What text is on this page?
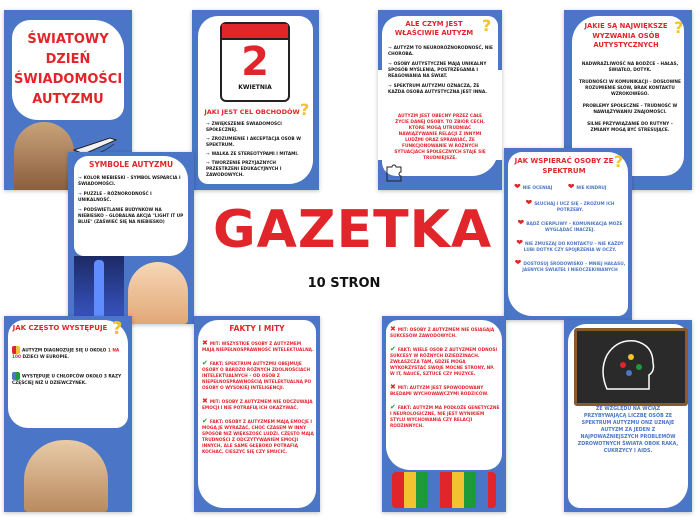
ŚWIATOWY DZIEŃ ŚWIADOMOŚCI AUTYZMU
2
KWIETNIA
JAKI JEST CEL OBCHODÓW ?
→ ZWIĘKSZENIE ŚWIADOMOŚCI SPOŁECZNEJ.
→ ZROZUMIENIE I AKCEPTACJA OSÓB W SPEKTRUM.
→ WALKA ZE STEREOTYPAMI I MITAMI.
→ TWORZENIE PRZYJAZNYCH PRZESTRZENI EDUKACYJNYCH I ZAWODOWYCH.
ALE CZYM JEST WŁAŚCIWIE AUTYZM ?
→ AUTYZM TO NEURORÓŻNORODNOŚĆ, NIE CHOROBA.
→ OSOBY AUTYSTYCZNE MAJĄ UNIKALNY SPOSÓB MYŚLENIA, POSTRZEGANIA I REAGOWANIA NA ŚWIAT.
→ SPEKTRUM AUTYZMU OZNACZA, ŻE KAŻDA OSOBA AUTYSTYCZNA JEST INNA.
AUTYZM JEST OBECNY PRZEZ CAŁE ŻYCIE DANEJ OSOBY. TO ZBIÓR CECH, KTÓRE MOGĄ UTRUDNIAĆ NAWIĄZYWANIE RELACJI Z INNYMI LUDŹMI ORAZ SPRAWIAĆ, ŻE FUNKCJONOWANIE W RÓŻNYCH SYTUACJACH SPOŁECZNYCH STAJE SIĘ TRUDNIEJSZE.
JAKIE SĄ NAJWIĘKSZE WYZWANIA OSÓB AUTYSTYCZNYCH
?
NADWRAŻLIWOŚĆ NA BODŹCE – HAŁAS, ŚWIATŁO, DOTYK.
TRUDNOŚCI W KOMUNIKACJI – DOSŁOWNE ROZUMIENIE SŁÓW, BRAK KONTAKTU WZROKOWEGO.
PROBLEMY SPOŁECZNE – TRUDNOŚĆ W NAWIĄZYWANIU ZNAJOMOŚCI.
SILNE PRZYWIĄZANIE DO RUTYNY – ZMIANY MOGĄ BYĆ STRESUJĄCE.
SYMBOLE AUTYZMU
→ KOLOR NIEBIESKI – SYMBOL WSPARCIA I ŚWIADOMOŚCI.
→ PUZZLE – RÓŻNORODNOŚĆ I UNIKALNOŚĆ.
→ PODŚWIETLANIE BUDYNKÓW NA NIEBIESKO – GLOBALNA AKCJA "LIGHT IT UP BLUE" (ZAŚWIEĆ SIĘ NA NIEBIESKO)
JAK WSPIERAĆ OSOBY ZE SPEKTRUM	?
❤ NIE OCENIAJ ❤ NIE KINDRUJ
❤ SŁUCHAJ I UCZ SIĘ – ZROZUM ICH POTRZEBY.
❤ BĄDŹ CIERPLIWY – KOMUNIKACJA MOŻE WYGLĄDAĆ INACZEJ.
❤ NIE ZMUSZAJ DO KONTAKTU – NIE KAŻDY LUBI DOTYK CZY SPOJRZENIA W OCZY.
❤ DOSTOSUJ ŚRODOWISKO – MNIEJ HAŁASU, JASNYCH ŚWIATEŁ I NIEOCZEKIWANYCH
GAZETKA
10 STRON
JAK CZĘSTO WYSTĘPUJE ?
AUTYZM DIAGNOZUJE SIĘ U OKOŁO 1 NA 100 DZIECI W EUROPIE.
WYSTĘPUJE U CHŁOPCÓW OKOŁO 3 RAZY CZĘŚCIEJ NIŻ U DZIEWCZYNEK.
FAKTY I MITY
✖ MIT: WSZYSTKIE OSOBY Z AUTYZMEM MAJĄ NIEPEŁNOSPRAWNOŚĆ INTELEKTUALNĄ.
✔ FAKT: SPEKTRUM AUTYZMU OBEJMUJE OSOBY O BARDZO RÓŻNYCH ZDOLNOŚCIACH INTELEKTUALNYCH – OD OSÓB Z NIEPEŁNOSPRAWNOŚCIĄ INTELEKTUALNĄ PO OSOBY O WYSOKIEJ INTELIGENCJI.
✖ MIT: OSOBY Z AUTYZMEM NIE ODCZUWAJĄ EMOCJI I NIE POTRAFIĄ ICH OKAZYWAĆ.
✔ FAKT: OSOBY Z AUTYZMEM MAJĄ EMOCJE I MOGĄ JE WYRAŻAĆ, CHOĆ CZASEM W INNY SPOSÓB NIŻ WIĘKSZOŚĆ LUDZI. CZĘSTO MAJĄ TRUDNOŚCI Z ODCZYTYWANIEM EMOCJI INNYCH, ALE SAME GŁĘBOKO POTRAFIĄ KOCHAĆ, CIESZYĆ SIĘ CZY SMUCIĆ.
✖ MIT: OSOBY Z AUTYZMEM NIE OSIĄGAJĄ SUKCESÓW ZAWODOWYCH.
✔ FAKT: WIELE OSÓB Z AUTYZMEM ODNOSI SUKCESY W RÓŻNYCH DZIEDZINACH. ZWŁASZCZA TAM, GDZIE MOGĄ WYKORZYSTAĆ SWOJE MOCNE STRONY, NP. W IT, NAUCE, SZTUCE CZY MUZYCE.
✖ MIT: AUTYZM JEST SPOWODOWANY BŁĘDAMI WYCHOWAWCZYMI RODZICÓW.
✔ FAKT: AUTYZM MA PODŁOŻE GENETYCZNE I NEUROLOGICZNE, NIE JEST WYNIKIEM STYLU WYCHOWANIA CZY RELACJI RODZINNYCH.
ZE WZGLĘDU NA WCIĄŻ PRZYBYWAJĄCĄ LICZBĘ OSÓB ZE SPEKTRUM AUTYZMU ONZ UZNAJE AUTYZM ZA JEDEN Z NAJPOWAŻNIEJSZYCH PROBLEMÓW ZDROWOTNYCH ŚWIATA OBOK RAKA, CUKRZYCY I AIDS.
